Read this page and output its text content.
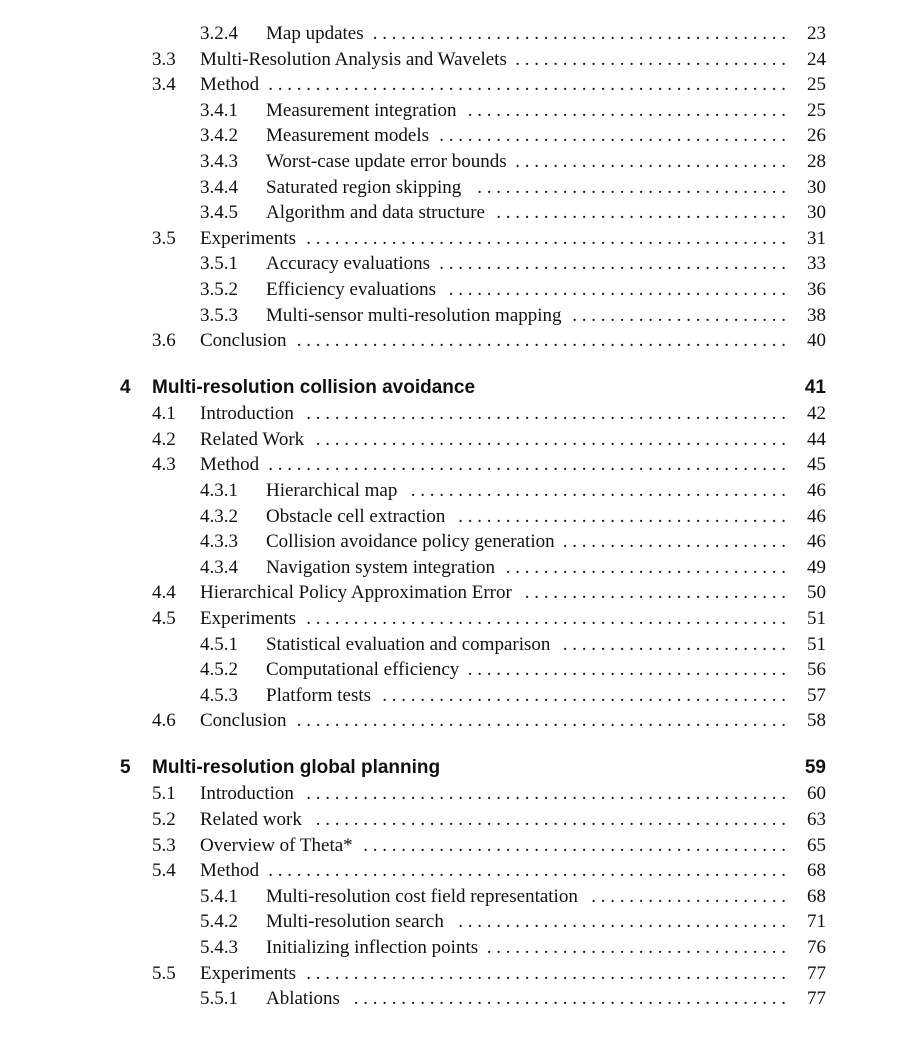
3.2.4	Map updates . . . . . . . . . . . . . . . . . . . . . . . . . . . . . . . . . . . . . . . . . . . .	23
3.3	Multi-Resolution Analysis and Wavelets . . . . . . . . . . . . . . . . . . . . . . . . . . . . .	24
3.4	Method . . . . . . . . . . . . . . . . . . . . . . . . . . . . . . . . . . . . . . . . . . . . . . . . . . . . . . .	25
3.4.1	Measurement integration . . . . . . . . . . . . . . . . . . . . . . . . . . . . . . . . . .	25
3.4.2	Measurement models . . . . . . . . . . . . . . . . . . . . . . . . . . . . . . . . . . . . .	26
3.4.3	Worst-case update error bounds . . . . . . . . . . . . . . . . . . . . . . . . . . . . .	28
3.4.4	Saturated region skipping . . . . . . . . . . . . . . . . . . . . . . . . . . . . . . . . .	30
3.4.5	Algorithm and data structure . . . . . . . . . . . . . . . . . . . . . . . . . . . . . . .	30
3.5	Experiments . . . . . . . . . . . . . . . . . . . . . . . . . . . . . . . . . . . . . . . . . . . . . . . . . . .	31
3.5.1	Accuracy evaluations . . . . . . . . . . . . . . . . . . . . . . . . . . . . . . . . . . . . .	33
3.5.2	Efficiency evaluations . . . . . . . . . . . . . . . . . . . . . . . . . . . . . . . . . . . .	36
3.5.3	Multi-sensor multi-resolution mapping . . . . . . . . . . . . . . . . . . . . . . .	38
3.6	Conclusion . . . . . . . . . . . . . . . . . . . . . . . . . . . . . . . . . . . . . . . . . . . . . . . . . . . .	40
4	Multi-resolution collision avoidance	41
4.1	Introduction . . . . . . . . . . . . . . . . . . . . . . . . . . . . . . . . . . . . . . . . . . . . . . . . . . .	42
4.2	Related Work . . . . . . . . . . . . . . . . . . . . . . . . . . . . . . . . . . . . . . . . . . . . . . . . . .	44
4.3	Method . . . . . . . . . . . . . . . . . . . . . . . . . . . . . . . . . . . . . . . . . . . . . . . . . . . . . . .	45
4.3.1	Hierarchical map . . . . . . . . . . . . . . . . . . . . . . . . . . . . . . . . . . . . . . . .	46
4.3.2	Obstacle cell extraction . . . . . . . . . . . . . . . . . . . . . . . . . . . . . . . . . . .	46
4.3.3	Collision avoidance policy generation . . . . . . . . . . . . . . . . . . . . . . . .	46
4.3.4	Navigation system integration . . . . . . . . . . . . . . . . . . . . . . . . . . . . . .	49
4.4	Hierarchical Policy Approximation Error . . . . . . . . . . . . . . . . . . . . . . . . . . . .	50
4.5	Experiments . . . . . . . . . . . . . . . . . . . . . . . . . . . . . . . . . . . . . . . . . . . . . . . . . . .	51
4.5.1	Statistical evaluation and comparison . . . . . . . . . . . . . . . . . . . . . . . .	51
4.5.2	Computational efficiency . . . . . . . . . . . . . . . . . . . . . . . . . . . . . . . . . .	56
4.5.3	Platform tests . . . . . . . . . . . . . . . . . . . . . . . . . . . . . . . . . . . . . . . . . . .	57
4.6	Conclusion . . . . . . . . . . . . . . . . . . . . . . . . . . . . . . . . . . . . . . . . . . . . . . . . . . . .	58
5	Multi-resolution global planning	59
5.1	Introduction . . . . . . . . . . . . . . . . . . . . . . . . . . . . . . . . . . . . . . . . . . . . . . . . . . .	60
5.2	Related work . . . . . . . . . . . . . . . . . . . . . . . . . . . . . . . . . . . . . . . . . . . . . . . . . .	63
5.3	Overview of Theta* . . . . . . . . . . . . . . . . . . . . . . . . . . . . . . . . . . . . . . . . . . . . .	65
5.4	Method . . . . . . . . . . . . . . . . . . . . . . . . . . . . . . . . . . . . . . . . . . . . . . . . . . . . . . .	68
5.4.1	Multi-resolution cost field representation . . . . . . . . . . . . . . . . . . . . .	68
5.4.2	Multi-resolution search . . . . . . . . . . . . . . . . . . . . . . . . . . . . . . . . . . .	71
5.4.3	Initializing inflection points . . . . . . . . . . . . . . . . . . . . . . . . . . . . . . . .	76
5.5	Experiments . . . . . . . . . . . . . . . . . . . . . . . . . . . . . . . . . . . . . . . . . . . . . . . . . . .	77
5.5.1	Ablations . . . . . . . . . . . . . . . . . . . . . . . . . . . . . . . . . . . . . . . . . . . . . .	77
